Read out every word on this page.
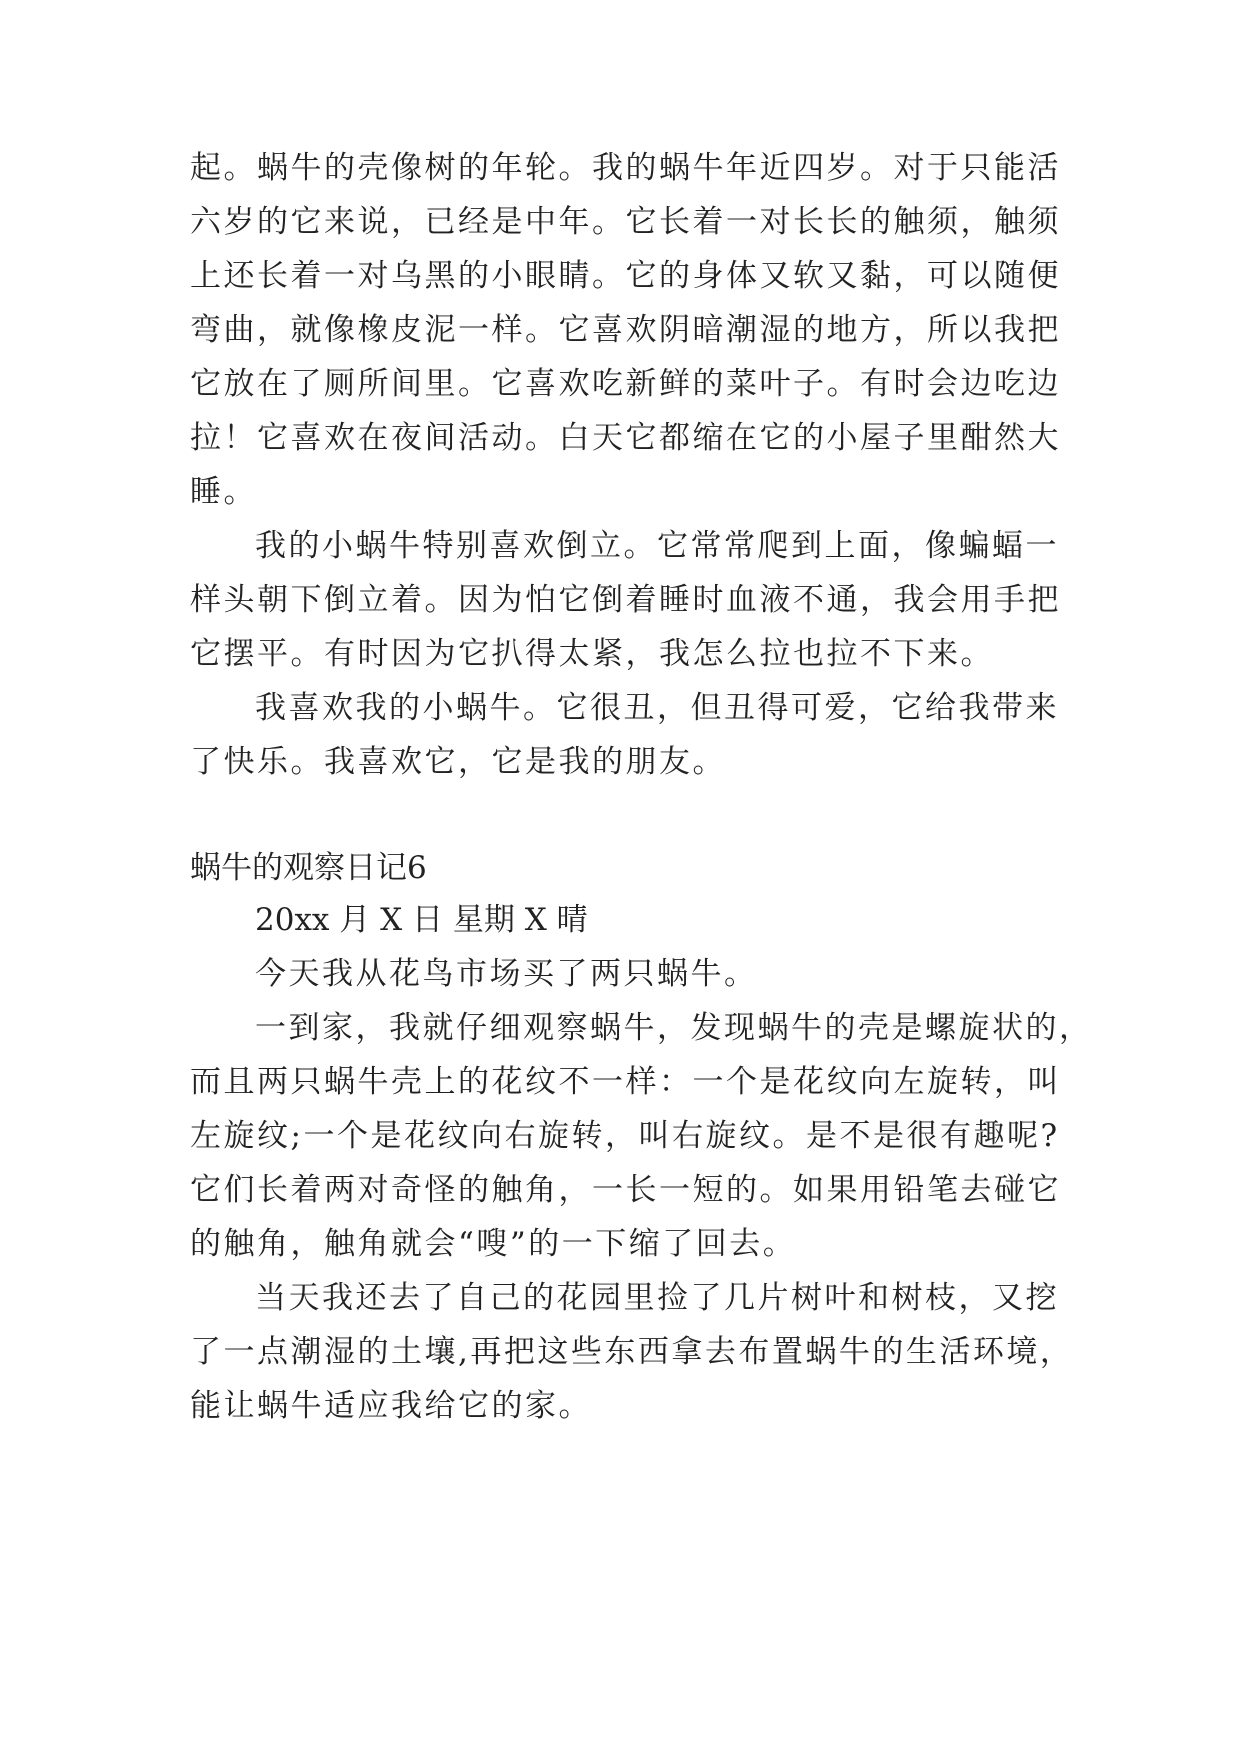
起。蜗牛的壳像树的年轮。我的蜗牛年近四岁。对于只能活
六岁的它来说，已经是中年。它长着一对长长的触须，触须
上还长着一对乌黑的小眼睛。它的身体又软又黏，可以随便
弯曲，就像橡皮泥一样。它喜欢阴暗潮湿的地方，所以我把
它放在了厕所间里。它喜欢吃新鲜的菜叶子。有时会边吃边
拉！它喜欢在夜间活动。白天它都缩在它的小屋子里酣然大
睡。
我的小蜗牛特别喜欢倒立。它常常爬到上面，像蝙蝠一
样头朝下倒立着。因为怕它倒着睡时血液不通，我会用手把
它摆平。有时因为它扒得太紧，我怎么拉也拉不下来。
我喜欢我的小蜗牛。它很丑，但丑得可爱，它给我带来
了快乐。我喜欢它，它是我的朋友。
蜗牛的观察日记6
20xx 月 X 日 星期 X 晴
今天我从花鸟市场买了两只蜗牛。
一到家，我就仔细观察蜗牛，发现蜗牛的壳是螺旋状的，
而且两只蜗牛壳上的花纹不一样：一个是花纹向左旋转，叫
左旋纹;一个是花纹向右旋转，叫右旋纹。是不是很有趣呢?
它们长着两对奇怪的触角，一长一短的。如果用铅笔去碰它
的触角，触角就会“嗖”的一下缩了回去。
当天我还去了自己的花园里捡了几片树叶和树枝，又挖
了一点潮湿的土壤,再把这些东西拿去布置蜗牛的生活环境，
能让蜗牛适应我给它的家。
